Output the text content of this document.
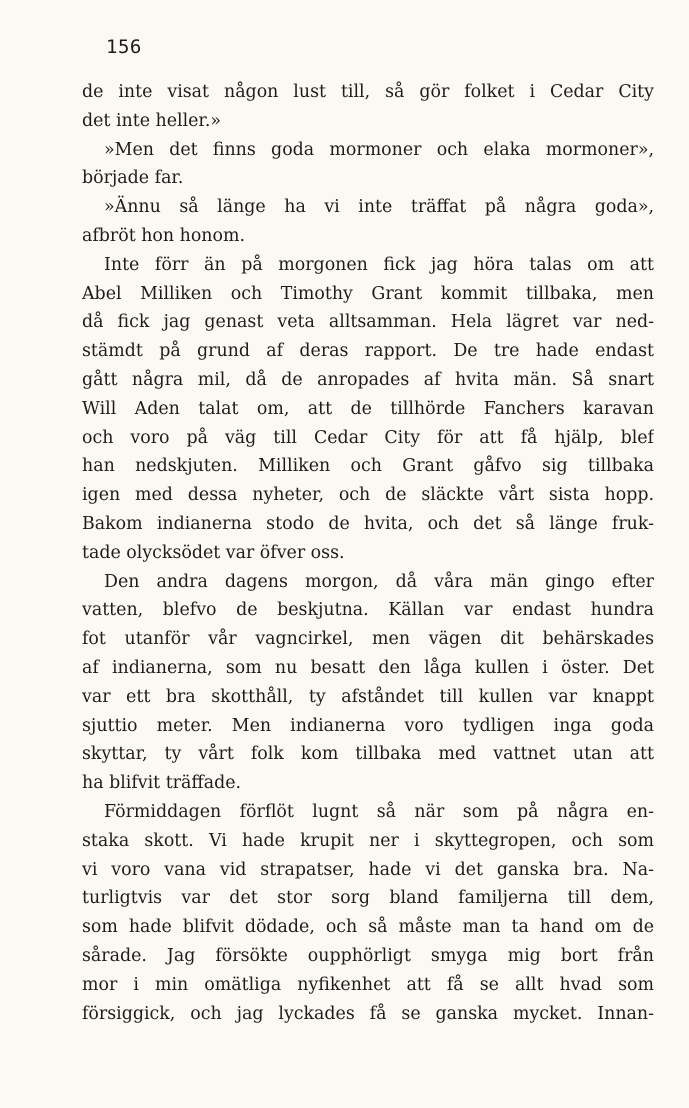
156
de inte visat någon lust till, så gör folket i Cedar City
det inte heller.»
»Men det finns goda mormoner och elaka mormoner»,
började far.
»Ännu så länge ha vi inte träffat på några goda»,
afbröt hon honom.
Inte förr än på morgonen fick jag höra talas om att
Abel Milliken och Timothy Grant kommit tillbaka, men
då fick jag genast veta alltsamman. Hela lägret var ned-
stämdt på grund af deras rapport. De tre hade endast
gått några mil, då de anropades af hvita män. Så snart
Will Aden talat om, att de tillhörde Fanchers karavan
och voro på väg till Cedar City för att få hjälp, blef
han nedskjuten. Milliken och Grant gåfvo sig tillbaka
igen med dessa nyheter, och de släckte vårt sista hopp.
Bakom indianerna stodo de hvita, och det så länge fruk-
tade olycksödet var öfver oss.
Den andra dagens morgon, då våra män gingo efter
vatten, blefvo de beskjutna. Källan var endast hundra
fot utanför vår vagncirkel, men vägen dit behärskades
af indianerna, som nu besatt den låga kullen i öster. Det
var ett bra skotthåll, ty afståndet till kullen var knappt
sjuttio meter. Men indianerna voro tydligen inga goda
skyttar, ty vårt folk kom tillbaka med vattnet utan att
ha blifvit träffade.
Förmiddagen förflöt lugnt så när som på några en-
staka skott. Vi hade krupit ner i skyttegropen, och som
vi voro vana vid strapatser, hade vi det ganska bra. Na-
turligtvis var det stor sorg bland familjerna till dem,
som hade blifvit dödade, och så måste man ta hand om de
sårade. Jag försökte oupphörligt smyga mig bort från
mor i min omätliga nyfikenhet att få se allt hvad som
försiggick, och jag lyckades få se ganska mycket. Innan-
